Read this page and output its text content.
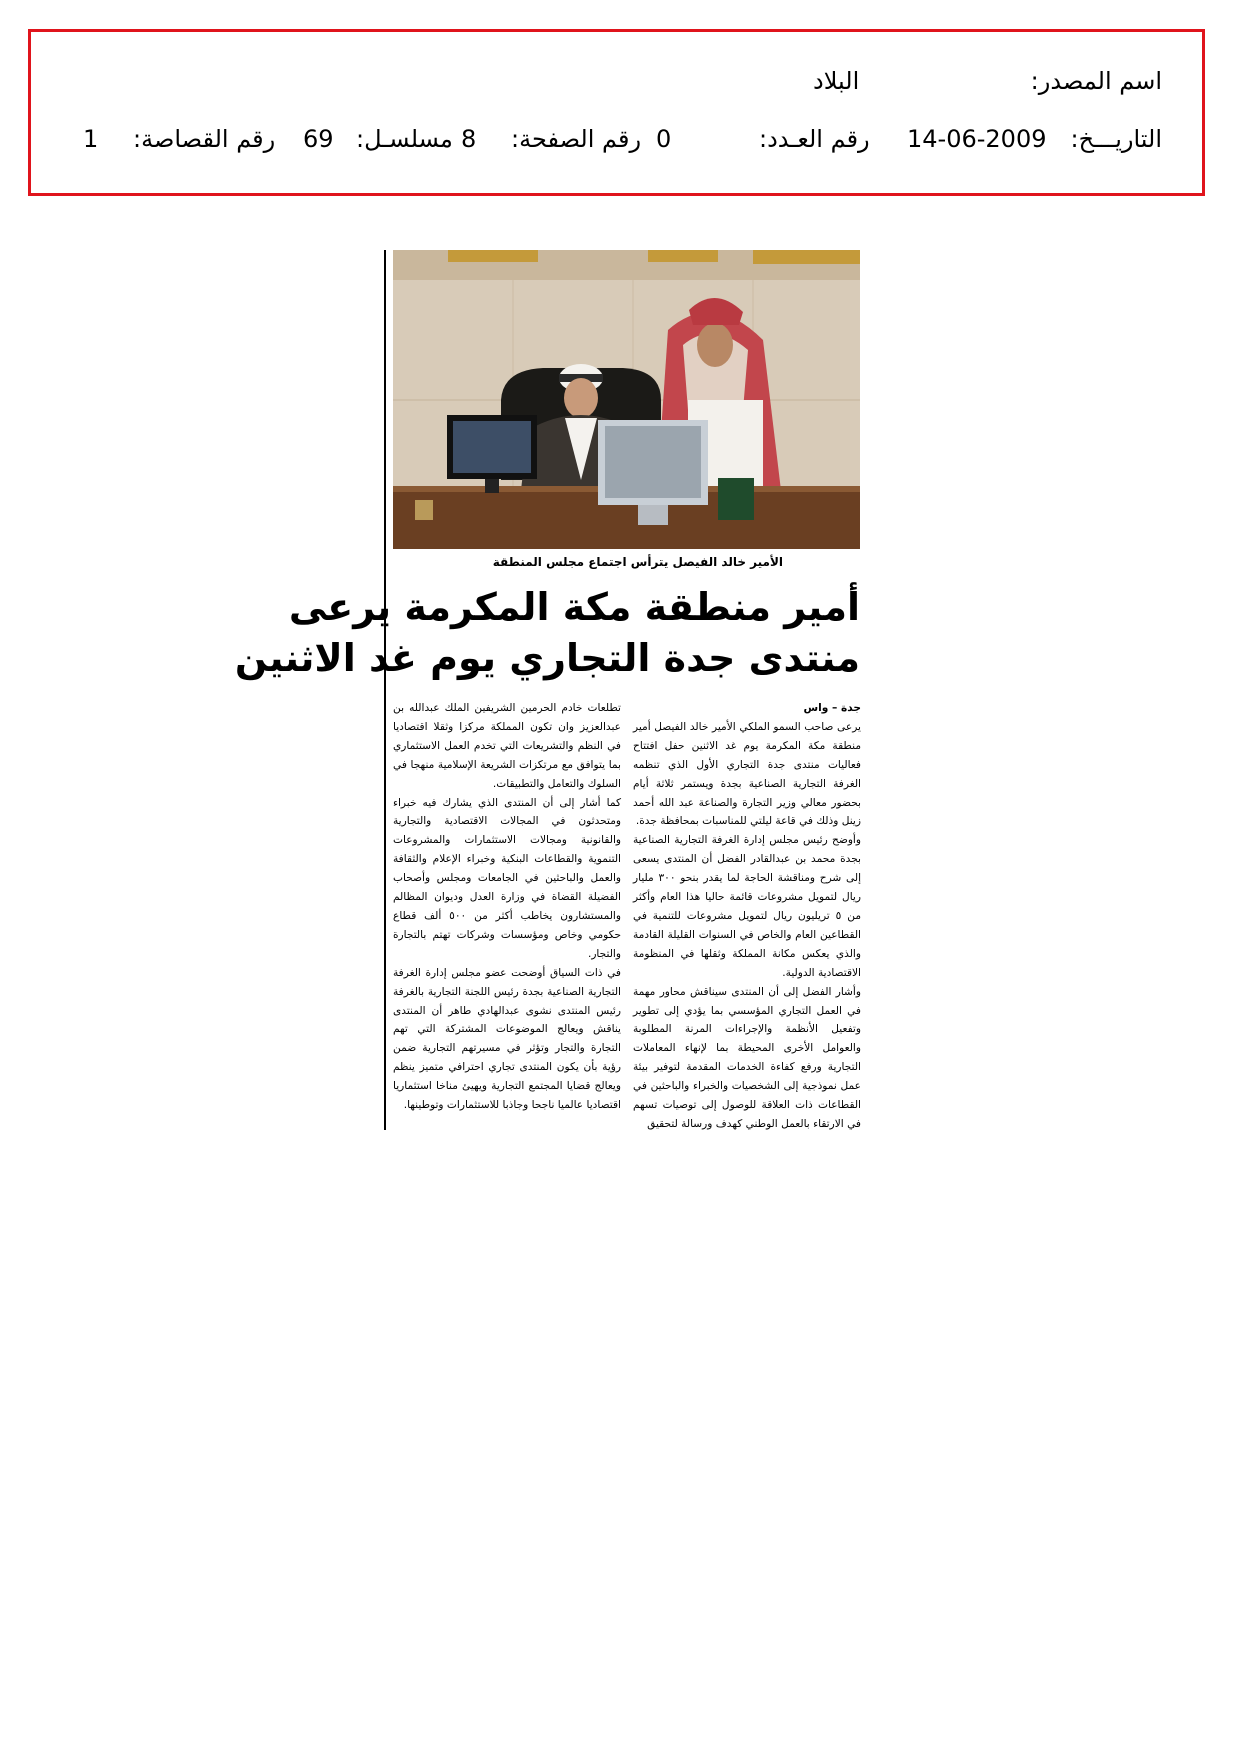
اسم المصدر:
البلاد
التاريـــخ:
14-06-2009
رقم العـدد:
0
رقم الصفحة:
8
مسلسـل:
69
رقم القصاصة:
1
الأمير خالد الفيصل يترأس اجتماع مجلس المنطقة
أمير منطقة مكة المكرمة يرعى
منتدى جدة التجاري يوم غد الاثنين

جدة – واس

يرعى صاحب السمو الملكي الأمير خالد الفيصل أمير منطقة مكة المكرمة يوم غد الاثنين حفل افتتاح فعاليات منتدى جدة التجاري الأول الذي تنظمه الغرفة التجارية الصناعية بجدة ويستمر ثلاثة أيام بحضور معالي وزير التجارة والصناعة عبد الله أحمد زينل وذلك في قاعة ليلتي للمناسبات بمحافظة جدة.

وأوضح رئيس مجلس إدارة الغرفة التجارية الصناعية بجدة محمد بن عبدالقادر الفضل أن المنتدى يسعى إلى شرح ومناقشة الحاجة لما يقدر بنحو ٣٠٠ مليار ريال لتمويل مشروعات قائمة حاليا هذا العام وأكثر من ٥ تريليون ريال لتمويل مشروعات للتنمية في القطاعين العام والخاص في السنوات القليلة القادمة والذي يعكس مكانة المملكة وثقلها في المنظومة الاقتصادية الدولية.

وأشار الفضل إلى أن المنتدى سيناقش محاور مهمة في العمل التجاري المؤسسي بما يؤدي إلى تطوير وتفعيل الأنظمة والإجراءات المرنة المطلوبة والعوامل الأخرى المحيطة بما لإنهاء المعاملات التجارية ورفع كفاءة الخدمات المقدمة لتوفير بيئة عمل نموذجية إلى الشخصيات والخبراء والباحثين في القطاعات ذات العلاقة للوصول إلى توصيات تسهم في الارتقاء بالعمل الوطني كهدف ورسالة لتحقيق

تطلعات خادم الحرمين الشريفين الملك عبدالله بن عبدالعزيز وان تكون المملكة مركزا وثقلا اقتصاديا في النظم والتشريعات التي تخدم العمل الاستثماري بما يتوافق مع مرتكزات الشريعة الإسلامية منهجا في السلوك والتعامل والتطبيقات.

كما أشار إلى أن المنتدى الذي يشارك فيه خبراء ومتحدثون في المجالات الاقتصادية والتجارية والقانونية ومجالات الاستثمارات والمشروعات التنموية والقطاعات البنكية وخبراء الإعلام والثقافة والعمل والباحثين في الجامعات ومجلس وأصحاب الفضيلة القضاة في وزارة العدل وديوان المظالم والمستشارون يخاطب أكثر من ٥٠٠ ألف قطاع حكومي وخاص ومؤسسات وشركات تهتم بالتجارة والتجار.

في ذات السياق أوضحت عضو مجلس إدارة الغرفة التجارية الصناعية بجدة رئيس اللجنة التجارية بالغرفة رئيس المنتدى نشوى عبدالهادي طاهر أن المنتدى يناقش ويعالج الموضوعات المشتركة التي تهم التجارة والتجار وتؤثر في مسيرتهم التجارية ضمن رؤية بأن يكون المنتدى تجاري احترافي متميز ينظم ويعالج قضايا المجتمع التجارية ويهيئ مناخا استثماريا اقتصاديا عالميا ناجحا وجاذبا للاستثمارات وتوطينها.
